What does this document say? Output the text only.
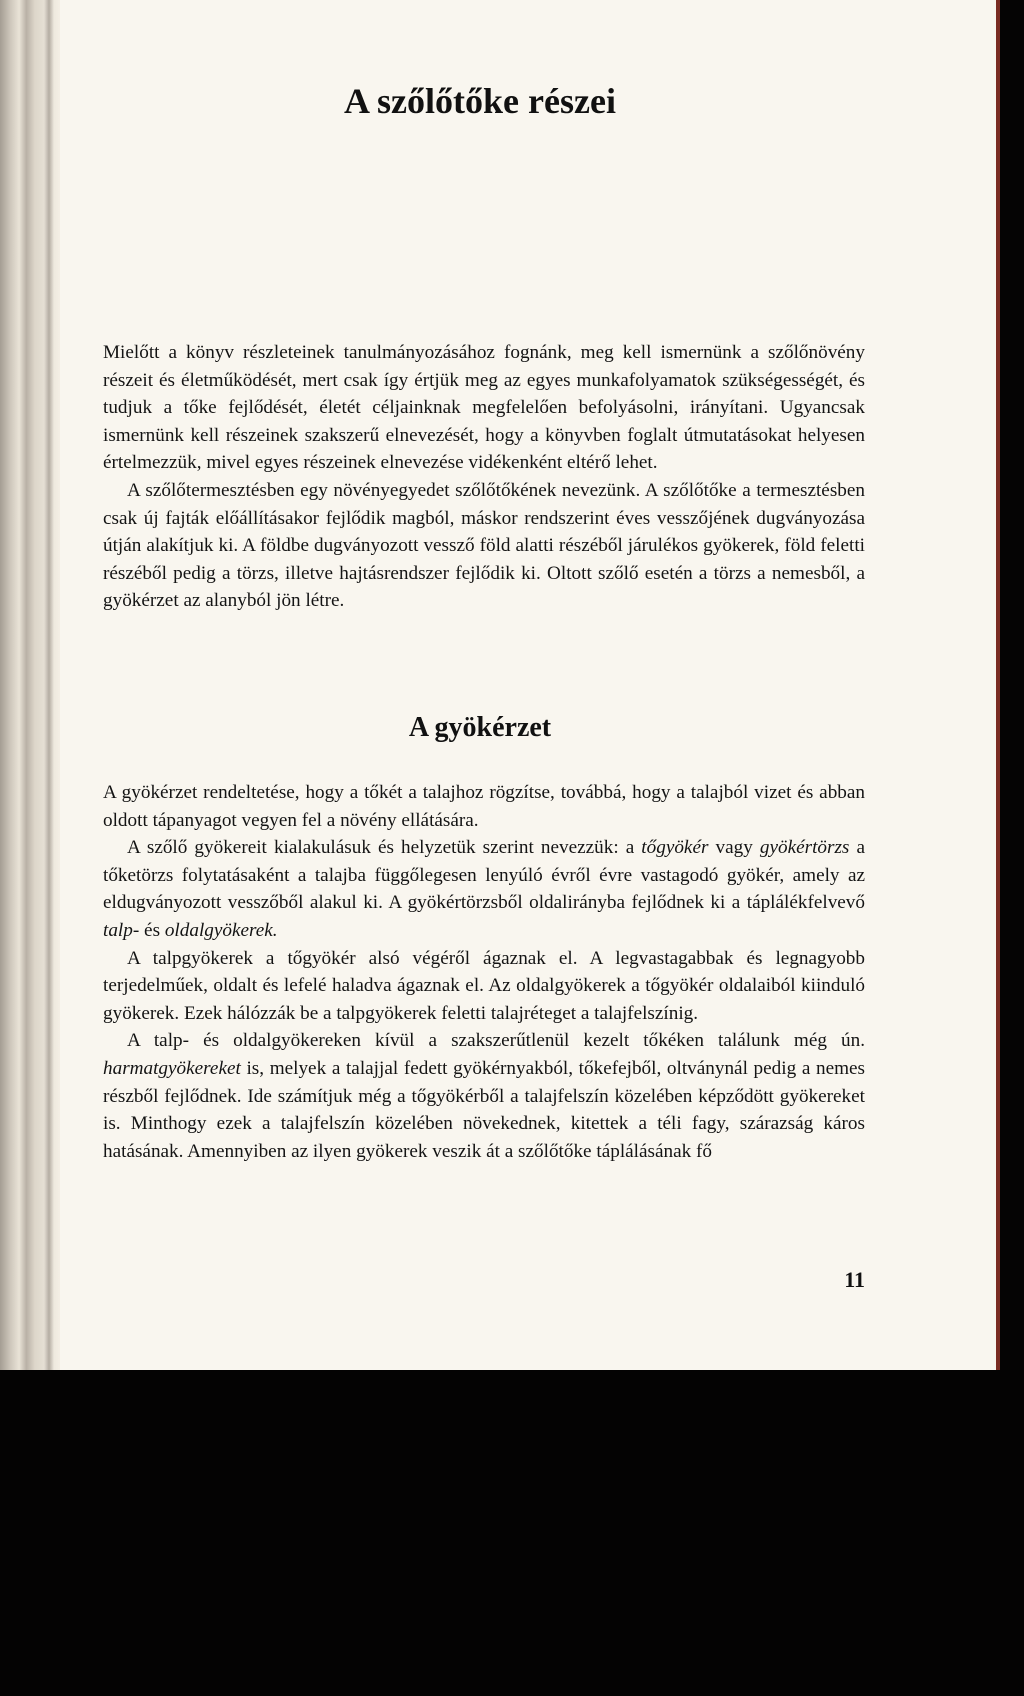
A szőlőtőke részei

Mielőtt a könyv részleteinek tanulmányozásához fognánk, meg kell ismernünk a szőlőnövény részeit és életműködését, mert csak így értjük meg az egyes munkafolyamatok szükségességét, és tudjuk a tőke fejlődését, életét céljainknak megfelelően befolyásolni, irányítani. Ugyancsak ismernünk kell részeinek szakszerű elnevezését, hogy a könyvben foglalt útmutatásokat helyesen értelmezzük, mivel egyes részeinek elnevezése vidékenként eltérő lehet.

A szőlőtermesztésben egy növényegyedet szőlőtőkének nevezünk. A szőlőtőke a termesztésben csak új fajták előállításakor fejlődik magból, máskor rendszerint éves vesszőjének dugványozása útján alakítjuk ki. A földbe dugványozott vessző föld alatti részéből járulékos gyökerek, föld feletti részéből pedig a törzs, illetve hajtásrendszer fejlődik ki. Oltott szőlő esetén a törzs a nemesből, a gyökérzet az alanyból jön létre.

A gyökérzet

A gyökérzet rendeltetése, hogy a tőkét a talajhoz rögzítse, továbbá, hogy a talajból vizet és abban oldott tápanyagot vegyen fel a növény ellátására.

A szőlő gyökereit kialakulásuk és helyzetük szerint nevezzük: a tőgyökér vagy gyökértörzs a tőketörzs folytatásaként a talajba függőlegesen lenyúló évről évre vastagodó gyökér, amely az eldugványozott vesszőből alakul ki. A gyökértörzsből oldalirányba fejlődnek ki a táplálékfelvevő talp- és oldalgyökerek.

A talpgyökerek a tőgyökér alsó végéről ágaznak el. A legvastagabbak és legnagyobb terjedelműek, oldalt és lefelé haladva ágaznak el. Az oldalgyökerek a tőgyökér oldalaiból kiinduló gyökerek. Ezek hálózzák be a talpgyökerek feletti talajréteget a talajfelszínig.

A talp- és oldalgyökereken kívül a szakszerűtlenül kezelt tőkéken találunk még ún. harmatgyökereket is, melyek a talajjal fedett gyökérnyakból, tőkefejből, oltványnál pedig a nemes részből fejlődnek. Ide számítjuk még a tőgyökérből a talajfelszín közelében képződött gyökereket is. Minthogy ezek a talajfelszín közelében növekednek, kitettek a téli fagy, szárazság káros hatásának. Amennyiben az ilyen gyökerek veszik át a szőlőtőke táplálásának fő

11
